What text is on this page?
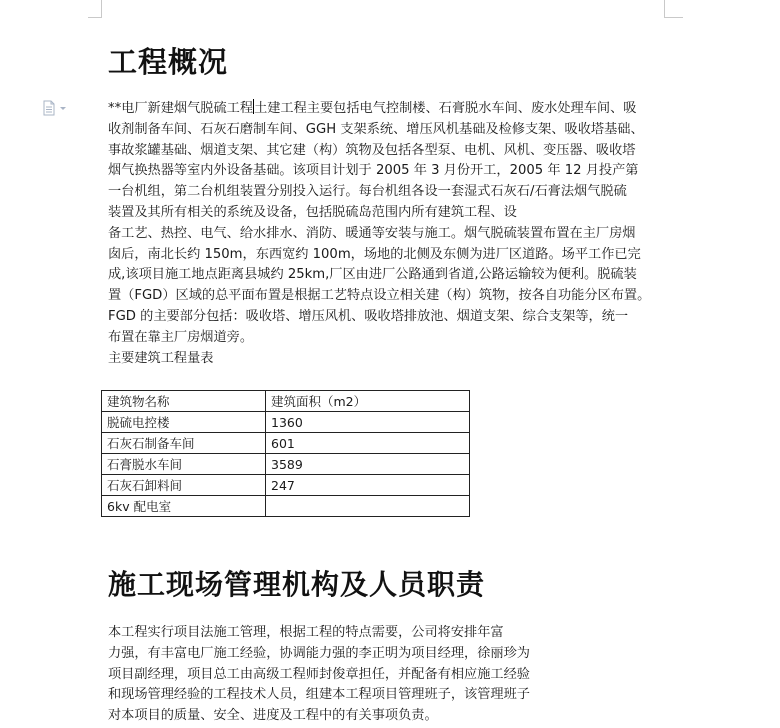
工程概况
**电厂新建烟气脱硫工程土建工程主要包括电气控制楼、石膏脱水车间、废水处理车间、吸
收剂制备车间、石灰石磨制车间、GGH 支架系统、增压风机基础及检修支架、吸收塔基础、
事故浆罐基础、烟道支架、其它建（构）筑物及包括各型泵、电机、风机、变压器、吸收塔
烟气换热器等室内外设备基础。该项目计划于 2005 年 3 月份开工，2005 年 12 月投产第
一台机组，第二台机组装置分别投入运行。每台机组各设一套湿式石灰石/石膏法烟气脱硫
装置及其所有相关的系统及设备，包括脱硫岛范围内所有建筑工程、设
备工艺、热控、电气、给水排水、消防、暖通等安装与施工。烟气脱硫装置布置在主厂房烟
囱后，南北长约 150m，东西宽约 100m，场地的北侧及东侧为进厂区道路。场平工作已完
成,该项目施工地点距离县城约 25km,厂区由进厂公路通到省道,公路运输较为便利。脱硫装
置（FGD）区域的总平面布置是根据工艺特点设立相关建（构）筑物，按各自功能分区布置。
FGD 的主要部分包括：吸收塔、增压风机、吸收塔排放池、烟道支架、综合支架等，统一
布置在靠主厂房烟道旁。
主要建筑工程量表
建筑物名称	建筑面积（m2）
脱硫电控楼	1360
石灰石制备车间	601
石膏脱水车间	3589
石灰石卸料间	247
6kv 配电室	
施工现场管理机构及人员职责
本工程实行项目法施工管理，根据工程的特点需要，公司将安排年富
力强，有丰富电厂施工经验，协调能力强的李正明为项目经理，徐丽珍为
项目副经理，项目总工由高级工程师封俊章担任，并配备有相应施工经验
和现场管理经验的工程技术人员，组建本工程项目管理班子，该管理班子
对本项目的质量、安全、进度及工程中的有关事项负责。
